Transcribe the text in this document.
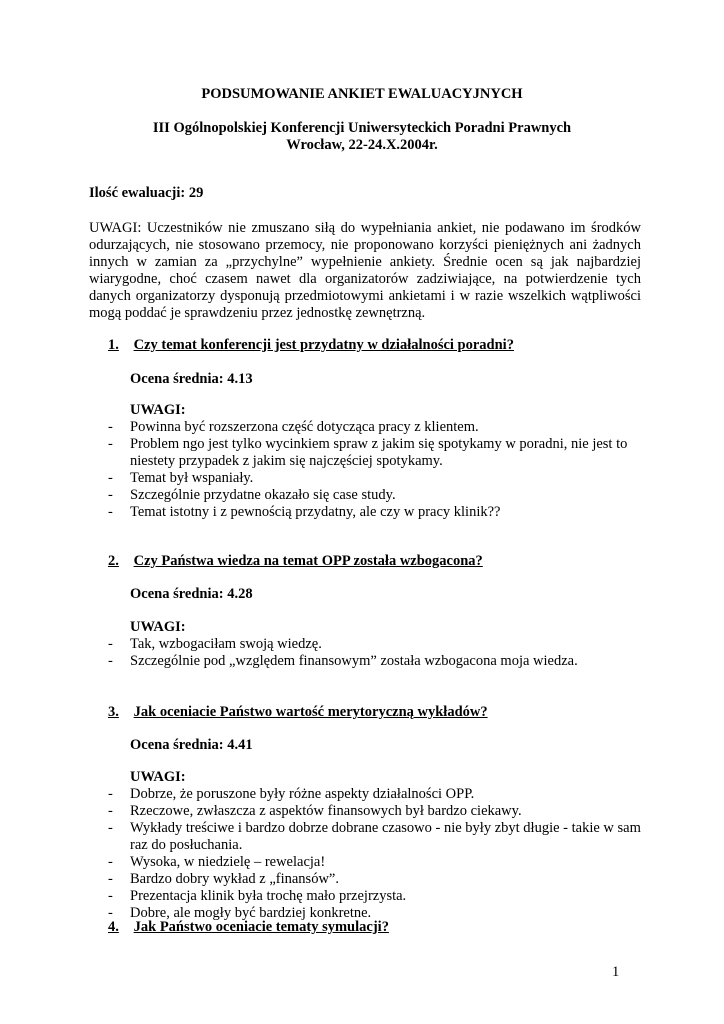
PODSUMOWANIE ANKIET EWALUACYJNYCH
III Ogólnopolskiej Konferencji Uniwersyteckich Poradni Prawnych
Wrocław, 22-24.X.2004r.
Ilość ewaluacji: 29
UWAGI: Uczestników nie zmuszano siłą do wypełniania ankiet, nie podawano im środków
odurzających, nie stosowano przemocy, nie proponowano korzyści pieniężnych ani żadnych
innych w zamian za „przychylne” wypełnienie ankiety. Średnie ocen są jak najbardziej
wiarygodne, choć czasem nawet dla organizatorów zadziwiające, na potwierdzenie tych
danych organizatorzy dysponują przedmiotowymi ankietami i w razie wszelkich wątpliwości
mogą poddać je sprawdzeniu przez jednostkę zewnętrzną.
1. Czy temat konferencji jest przydatny w działalności poradni?
Ocena średnia: 4.13
UWAGI:
- Powinna być rozszerzona część dotycząca pracy z klientem.
- Problem ngo jest tylko wycinkiem spraw z jakim się spotykamy w poradni, nie jest to niestety przypadek z jakim się najczęściej spotykamy.
- Temat był wspaniały.
- Szczególnie przydatne okazało się case study.
- Temat istotny i z pewnością przydatny, ale czy w pracy klinik??
2. Czy Państwa wiedza na temat OPP została wzbogacona?
Ocena średnia: 4.28
UWAGI:
- Tak, wzbogaciłam swoją wiedzę.
- Szczególnie pod „względem finansowym” została wzbogacona moja wiedza.
3. Jak oceniacie Państwo wartość merytoryczną wykładów?
Ocena średnia: 4.41
UWAGI:
- Dobrze, że poruszone były różne aspekty działalności OPP.
- Rzeczowe, zwłaszcza z aspektów finansowych był bardzo ciekawy.
- Wykłady treściwe i bardzo dobrze dobrane czasowo - nie były zbyt długie - takie w sam raz do posłuchania.
- Wysoka, w niedzielę – rewelacja!
- Bardzo dobry wykład z „finansów”.
- Prezentacja klinik była trochę mało przejrzysta.
- Dobre, ale mogły być bardziej konkretne.
4. Jak Państwo oceniacie tematy symulacji?
1
